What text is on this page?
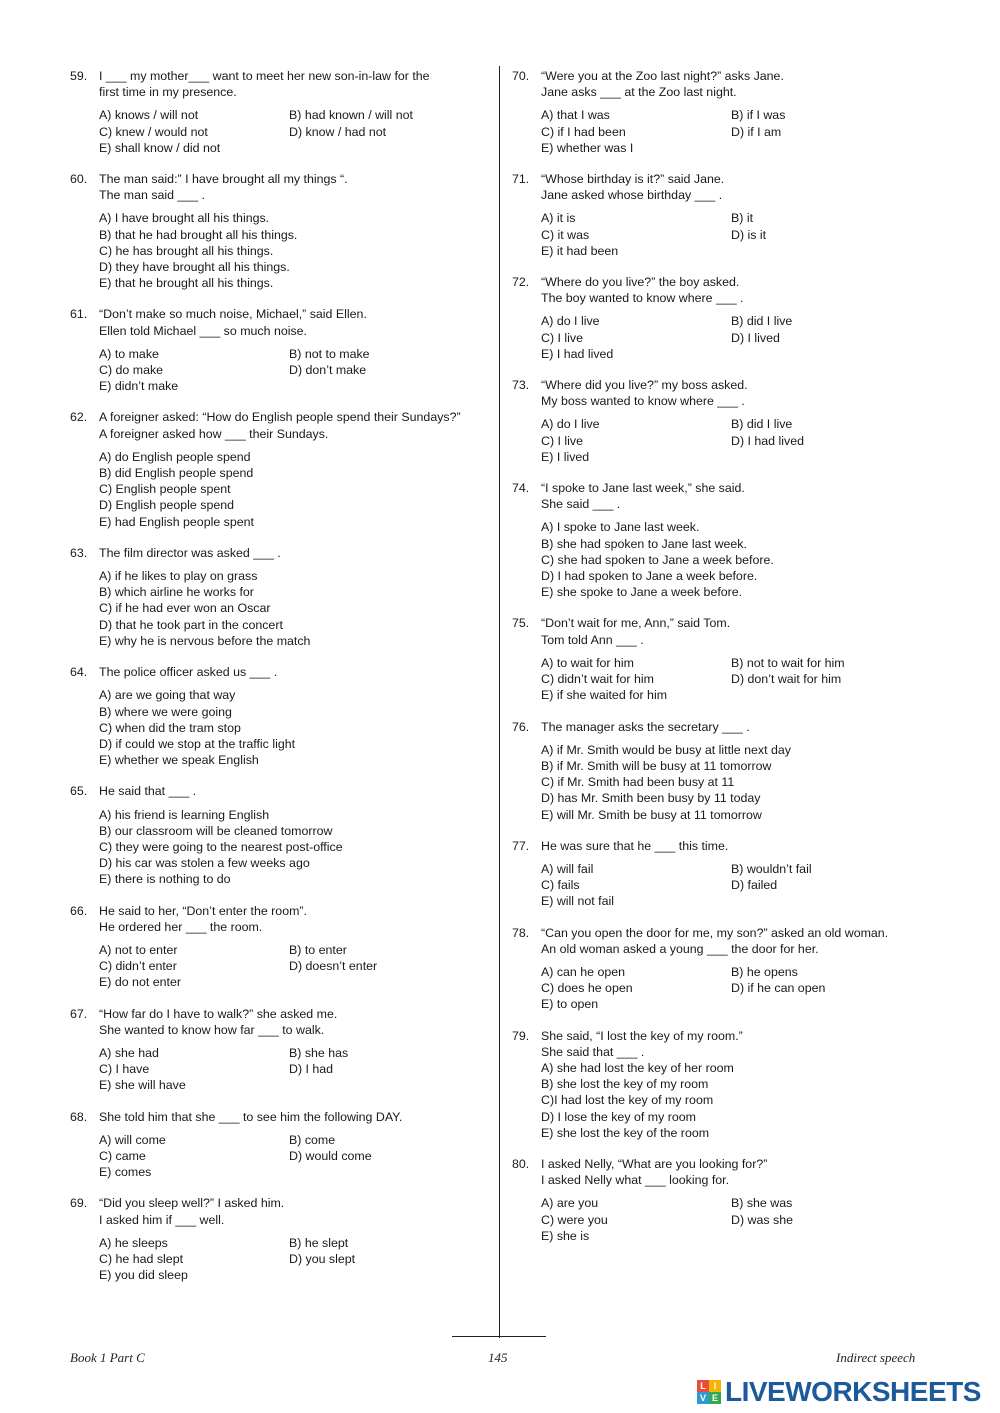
59. I ___ my mother___ want to meet her new son-in-law for the
first time in my presence.
A) knows / will not	B) had known / will not
C) knew / would not	D) know / had not
E) shall know / did not
60. The man said:” I have brought all my things “.
The man said ___ .
A) I have brought all his things.
B) that he had brought all his things.
C) he has brought all his things.
D) they have brought all his things.
E) that he brought all his things.
61. “Don’t make so much noise, Michael,” said Ellen.
Ellen told Michael ___ so much noise.
A) to make	B) not to make
C) do make	D) don’t make
E) didn’t make
62. A foreigner asked: “How do English people spend their Sundays?”
A foreigner asked how ___ their Sundays.
A) do English people spend
B) did English people spend
C) English people spent
D) English people spend
E) had English people spent
63. The film director was asked ___ .
A) if he likes to play on grass
B) which airline he works for
C) if he had ever won an Oscar
D) that he took part in the concert
E) why he is nervous before the match
64. The police officer asked us ___ .
A) are we going that way
B) where we were going
C) when did the tram stop
D) if could we stop at the traffic light
E) whether we speak English
65. He said that ___ .
A) his friend is learning English
B) our classroom will be cleaned tomorrow
C) they were going to the nearest post-office
D) his car was stolen a few weeks ago
E) there is nothing to do
66. He said to her, “Don’t enter the room”.
He ordered her ___ the room.
A) not to enter	B) to enter
C) didn’t enter	D) doesn’t enter
E) do not enter
67. “How far do I have to walk?” she asked me.
She wanted to know how far ___ to walk.
A) she had	B) she has
C) I have	D) I had
E) she will have
68. She told him that she ___ to see him the following DAY.
A) will come	B) come
C) came	D) would come
E) comes
69. “Did you sleep well?” I asked him.
I asked him if ___ well.
A) he sleeps	B) he slept
C) he had slept	D) you slept
E) you did sleep
70. “Were you at the Zoo last night?” asks Jane.
Jane asks ___ at the Zoo last night.
A) that I was	B) if I was
C) if I had been	D) if I am
E) whether was I
71. “Whose birthday is it?” said Jane.
Jane asked whose birthday ___ .
A) it is	B) it
C) it was	D) is it
E) it had been
72. “Where do you live?” the boy asked.
The boy wanted to know where ___ .
A) do I live	B) did I live
C) I live	D) I lived
E) I had lived
73. “Where did you live?” my boss asked.
My boss wanted to know where ___ .
A) do I live	B) did I live
C) I live	D) I had lived
E) I lived
74. “I spoke to Jane last week,” she said.
She said ___ .
A) I spoke to Jane last week.
B) she had spoken to Jane last week.
C) she had spoken to Jane a week before.
D) I had spoken to Jane a week before.
E) she spoke to Jane a week before.
75. “Don’t wait for me, Ann,” said Tom.
Tom told Ann ___ .
A) to wait for him	B) not to wait for him
C) didn’t wait for him	D) don’t wait for him
E) if she waited for him
76. The manager asks the secretary ___ .
A) if Mr. Smith would be busy at little next day
B) if Mr. Smith will be busy at 11 tomorrow
C) if Mr. Smith had been busy at 11
D) has Mr. Smith been busy by 11 today
E) will Mr. Smith be busy at 11 tomorrow
77. He was sure that he ___ this time.
A) will fail	B) wouldn’t fail
C) fails	D) failed
E) will not fail
78. “Can you open the door for me, my son?” asked an old woman.
An old woman asked a young ___ the door for her.
A) can he open	B) he opens
C) does he open	D) if he can open
E) to open
79. She said, “I lost the key of my room.”
She said that ___ .
A) she had lost the key of her room
B) she lost the key of my room
C)I had lost the key of my room
D) I lose the key of my room
E) she lost the key of the room
80. I asked Nelly, “What are you looking for?”
I asked Nelly what ___ looking for.
A) are you	B) she was
C) were you	D) was she
E) she is
Book 1 Part C	145	Indirect speech
L I
V E LIVEWORKSHEETS
